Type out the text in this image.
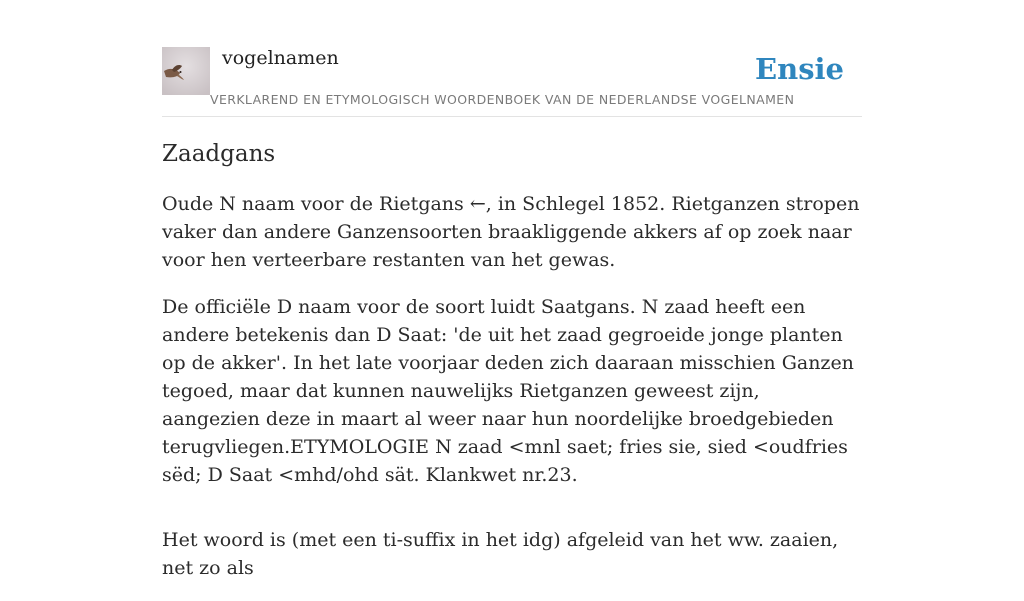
vogelnamen
VERKLAREND EN ETYMOLOGISCH WOORDENBOEK VAN DE NEDERLANDSE VOGELNAMEN
Ensie
Zaadgans

Oude N naam voor de Rietgans ←, in Schlegel 1852. Rietganzen stropen vaker dan andere Ganzensoorten braakliggende akkers af op zoek naar voor hen verteerbare restanten van het gewas.

De officiële D naam voor de soort luidt Saatgans. N zaad heeft een andere betekenis dan D Saat: 'de uit het zaad gegroeide jonge planten op de akker'. In het late voorjaar deden zich daaraan misschien Ganzen tegoed, maar dat kunnen nauwelijks Rietganzen geweest zijn, aangezien deze in maart al weer naar hun noordelijke broedgebieden terugvliegen.ETYMOLOGIE N zaad <mnl saet; fries sie, sied <oudfries sëd; D Saat <mhd/ohd sät. Klankwet nr.23.

Het woord is (met een ti-suffix in het idg) afgeleid van het ww. zaaien, net zo als
